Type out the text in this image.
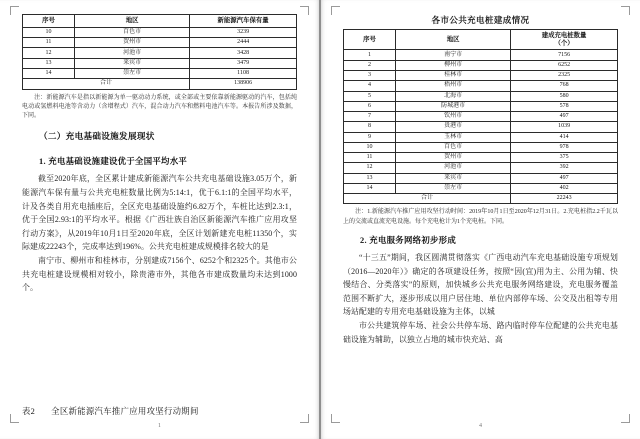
序号	地区	新能源汽车保有量
10	百色市	3239
11	贺州市	2444
12	河池市	3428
13	来宾市	3479
14	崇左市	1108
合计		138906
注：新能源汽车是指以新能源为单一驱动动力系统，或全部或主要依靠新能源驱动的汽车，包括纯电动或氢燃料电池等含动力（含增程式）汽车，混合动力汽车和燃料电池汽车等。本报告所涉及数据，下同。
（二）充电基础设施发展现状
1. 充电基础设施建设优于全国平均水平

截至2020年底，全区累计建成新能源汽车公共充电基础设施3.05万个，新能源汽车保有量与公共充电桩数量比例为5:14:1，优于6.1:1的全国平均水平，计及各类自用充电插座后，全区充电基础设施约6.82万个，车桩比达到2.3:1，优于全国2.93:1的平均水平。根据《广西壮族自治区新能源汽车推广应用攻坚行动方案》，从2019年10月1日至2020年底，全区计划新建充电桩11350个，实际建成22243个，完成率达到196%。公共充电桩建成规模排名较大的是

南宁市、柳州市和桂林市，分别建成7156个、6252个和2325个。其他市公共充电桩建设规模相对较小，除贵港市外，其他各市建成数量均未达到1000个。

表2 全区新能源汽车推广应用攻坚行动期间
1
各市公共充电桩建成情况
序号	地区	建成充电桩数量
（个）
1	南宁市	7156
2	柳州市	6252
3	桂林市	2325
4	梧州市	768
5	北海市	580
6	防城港市	578
7	钦州市	497
8	贵港市	1039
9	玉林市	414
10	百色市	978
11	贺州市	375
12	河池市	392
13	来宾市	497
14	崇左市	402
合计		22243
注：1.新能源汽车推广应用攻坚行动时间：2019年10月1日至2020年12月31日。2.充电桩指2.2千瓦以上的交流或直流充电设施。每个充电枪计为1个充电桩。下同。
2. 充电服务网络初步形成

“十三五”期间，我区圆满贯彻落实《广西电动汽车充电基础设施专项规划（2016—2020年）》确定的各项建设任务，按照“因(宜)用为主、公用为辅、快慢结合、分类落实”的原则，加快城乡公共充电服务网络建设，充电服务覆盖范围不断扩大，逐步形成以用户居住地、单位内部停车场、公交及出租等专用场站配建的专用充电基础设施为主体，以城

市公共建筑停车场、社会公共停车场、路内临时停车位配建的公共充电基础设施为辅助，以独立占地的城市快充站、高

4
